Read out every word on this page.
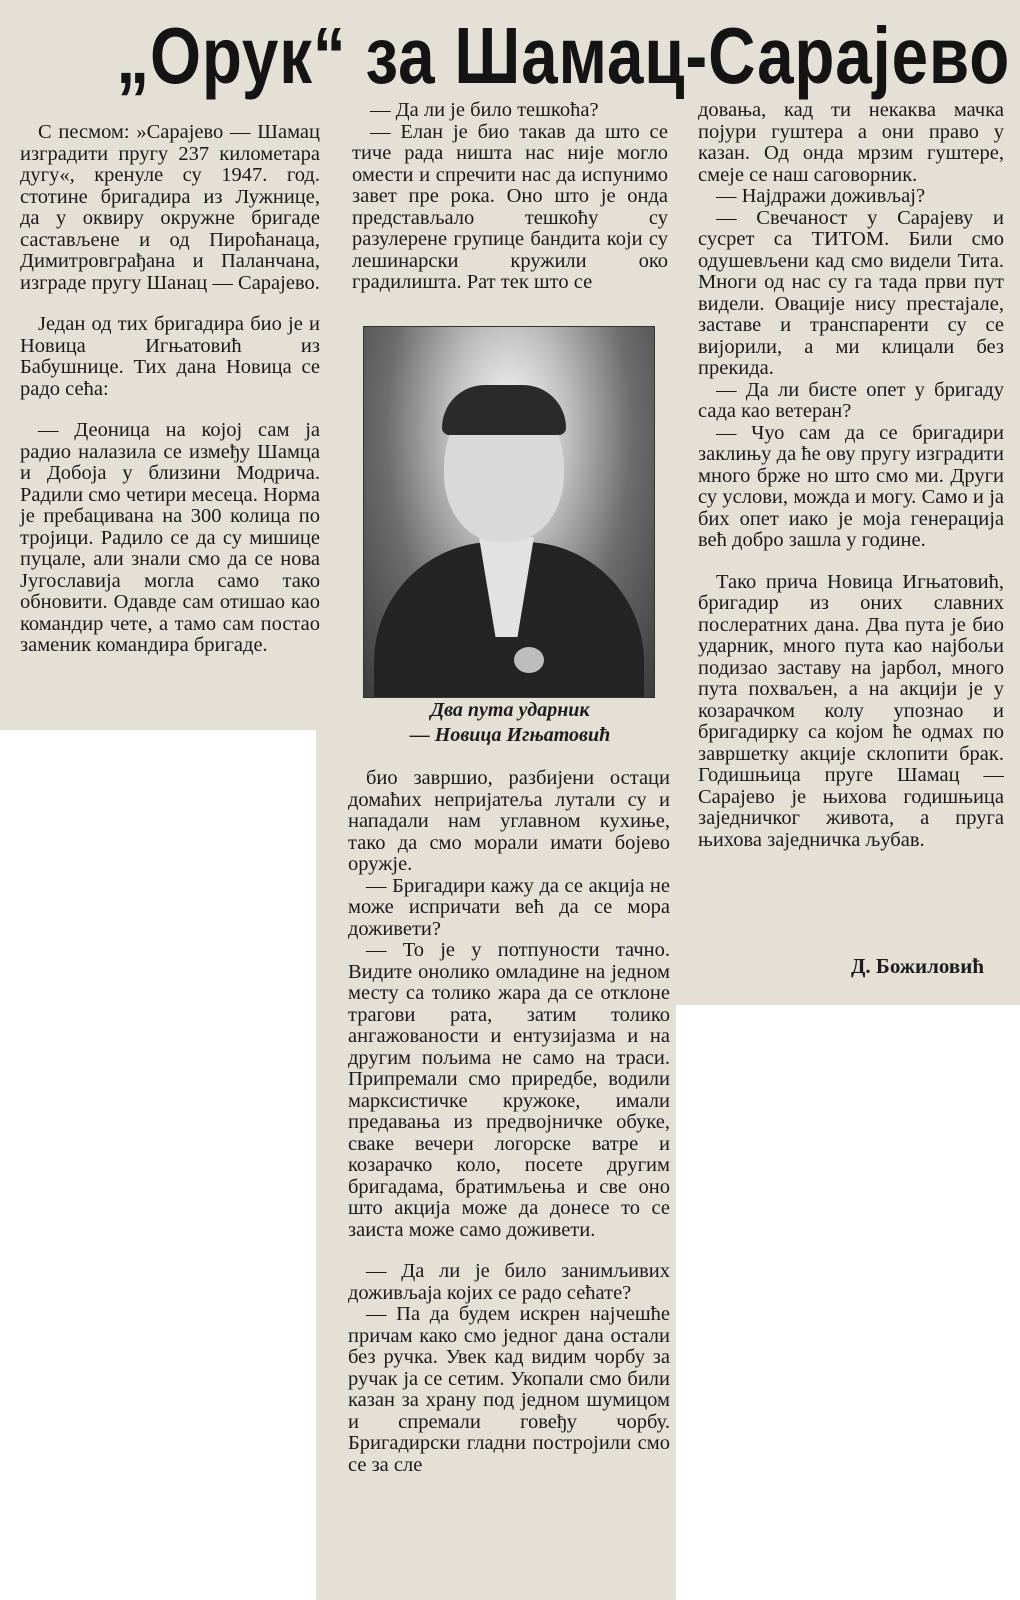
„Орук“ за Шамац-Сарајево

С песмом: »Сарајево — Шамац изградити пругу 237 километара дугу«, кренуле су 1947. год. стотине бригадира из Лужнице, да у оквиру окружне бригаде састављене и од Пироћанаца, Димитровграђана и Паланчана, изграде пругу Шанац — Сарајево.

Један од тих бригадира био је и Новица Игњатовић из Бабушнице. Тих дана Новица се радо сећа:

— Деоница на којој сам ја радио налазила се између Шамца и Добоја у близини Модрича. Радили смо четири месеца. Норма је пребацивана на 300 колица по тројици. Радило се да су мишице пуцале, али знали смо да се нова Југославија могла само тако обновити. Одавде сам отишао као командир чете, а тамо сам постао заменик командира бригаде.

— Да ли је било тешкоћа?

— Елан је био такав да што се тиче рада ништа нас није могло омести и спречити нас да испунимо завет пре рока. Оно што је онда представљало тешкоћу су разулерене групице бандита који су лешинарски кружили око градилишта. Рат тек што се

Два пута ударник
— Новица Игњатовић

био завршио, разбијени остаци домаћих непријатеља лутали су и нападали нам углавном кухиње, тако да смо морали имати бојево оружје.

— Бригадири кажу да се акција не може испричати већ да се мора доживети?

— То је у потпуности тачно. Видите онолико омладине на једном месту са толико жара да се отклоне трагови рата, затим толико ангажованости и ентузијазма и на другим пољима не само на траси. Припремали смо приредбе, водили марксистичке кружоке, имали предавања из предвојничке обуке, сваке вечери логорске ватре и козарачко коло, посете другим бригадама, братимљења и све оно што акција може да донесе то се заиста може само доживети.

— Да ли је било занимљивих доживљаја којих се радо сећате?

— Па да будем искрен најчешће причам како смо једног дана остали без ручка. Увек кад видим чорбу за ручак ја се сетим. Укопали смо били казан за храну под једном шумицом и спремали говеђу чорбу. Бригадирски гладни постројили смо се за сле

довања, кад ти некаква мачка појури гуштера а они право у казан. Од онда мрзим гуштере, смеје се наш саговорник.

— Најдражи доживљај?

— Свечаност у Сарајеву и сусрет са ТИТОМ. Били смо одушевљени кад смо видели Тита. Многи од нас су га тада први пут видели. Овације нису престајале, заставе и транспаренти су се вијорили, а ми клицали без прекида.

— Да ли бисте опет у бригаду сада као ветеран?

— Чуо сам да се бригадири заклињу да ће ову пругу изградити много брже но што смо ми. Други су услови, можда и могу. Само и ја бих опет иако је моја генерација већ добро зашла у године.

Тако прича Новица Игњатовић, бригадир из оних славних послератних дана. Два пута је био ударник, много пута као најбољи подизао заставу на јарбол, много пута похваљен, а на акцији је у козарачком колу упознао и бригадирку са којом ће одмах по завршетку акције склопити брак. Годишњица пруге Шамац — Сарајево је њихова годишњица заједничког живота, а пруга њихова заједничка љубав.

Д. Божиловић
